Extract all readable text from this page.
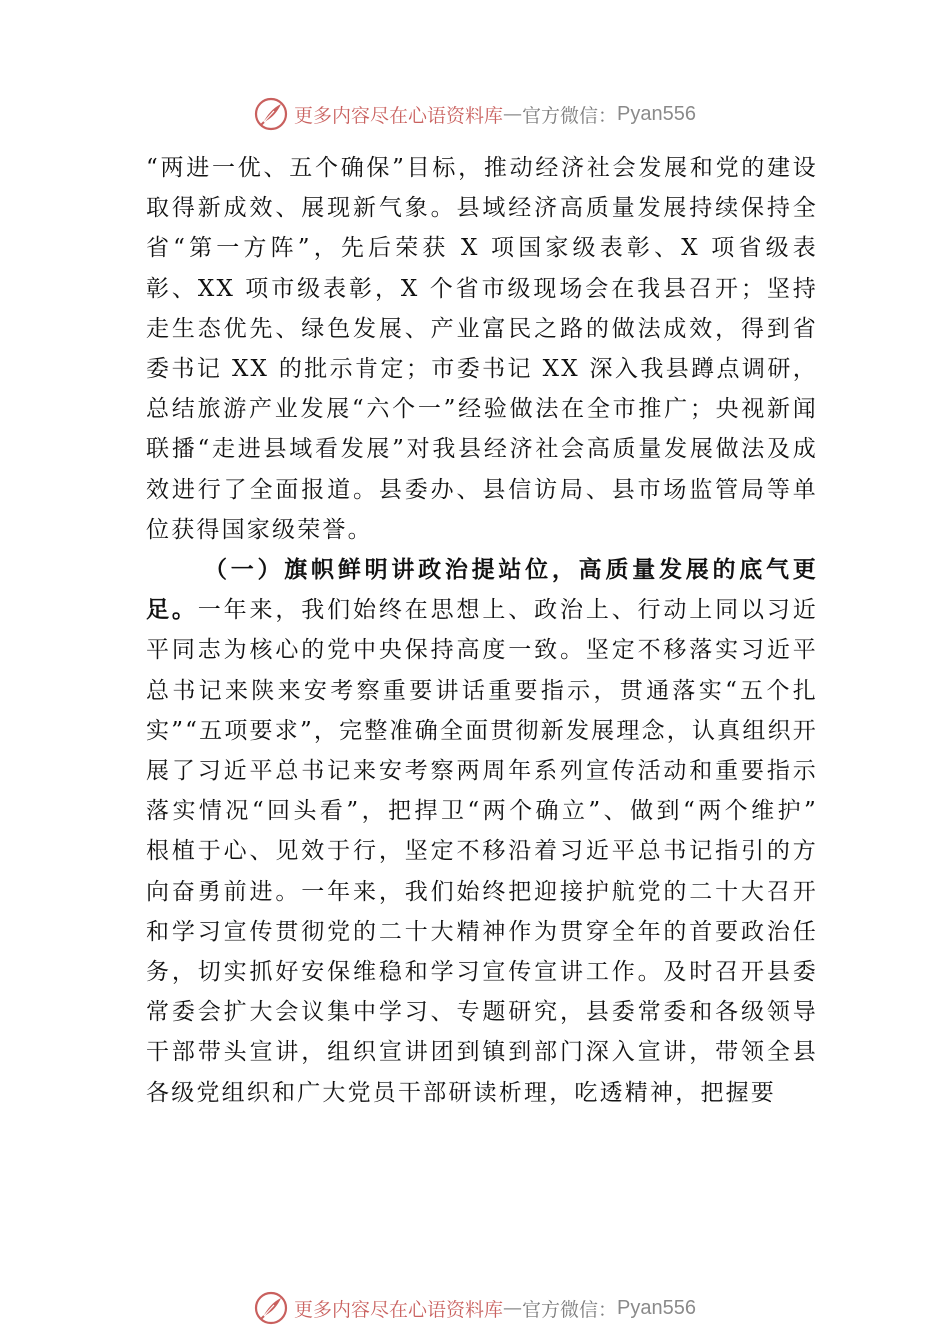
更多内容尽在心语资料库 — 官方微信： Pyan556

“两进一优、五个确保”目标，推动经济社会发展和党的建设取得新成效、展现新气象。县域经济高质量发展持续保持全省“第一方阵”，先后荣获 X 项国家级表彰、X 项省级表彰、XX 项市级表彰，X 个省市级现场会在我县召开；坚持走生态优先、绿色发展、产业富民之路的做法成效，得到省委书记 XX 的批示肯定；市委书记 XX 深入我县蹲点调研，总结旅游产业发展“六个一”经验做法在全市推广；央视新闻联播“走进县域看发展”对我县经济社会高质量发展做法及成效进行了全面报道。县委办、县信访局、县市场监管局等单位获得国家级荣誉。

（一）旗帜鲜明讲政治提站位，高质量发展的底气更足。一年来，我们始终在思想上、政治上、行动上同以习近平同志为核心的党中央保持高度一致。坚定不移落实习近平总书记来陕来安考察重要讲话重要指示，贯通落实“五个扎实”“五项要求”，完整准确全面贯彻新发展理念，认真组织开展了习近平总书记来安考察两周年系列宣传活动和重要指示落实情况“回头看”，把捍卫“两个确立”、做到“两个维护” 根植于心、见效于行，坚定不移沿着习近平总书记指引的方向奋勇前进。一年来，我们始终把迎接护航党的二十大召开和学习宣传贯彻党的二十大精神作为贯穿全年的首要政治任务，切实抓好安保维稳和学习宣传宣讲工作。及时召开县委常委会扩大会议集中学习、专题研究，县委常委和各级领导干部带头宣讲，组织宣讲团到镇到部门深入宣讲，带领全县各级党组织和广大党员干部研读析理，吃透精神，把握要

更多内容尽在心语资料库 — 官方微信： Pyan556
